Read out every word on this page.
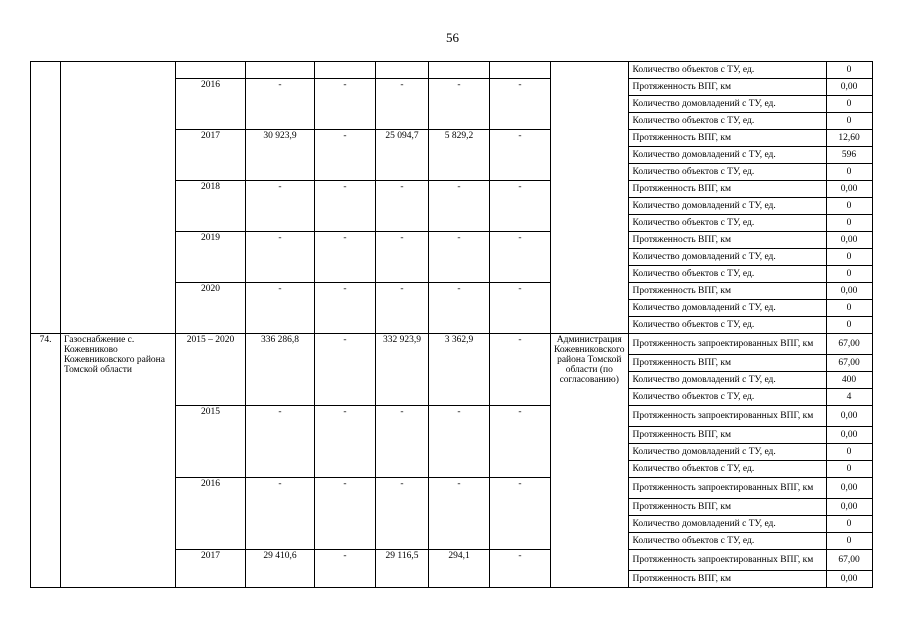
56
									Количество объектов с ТУ, ед.	0
		2016	-	-	-	-	-		Протяженность ВПГ, км	0,00
									Количество домовладений с ТУ, ед.	0
									Количество объектов с ТУ, ед.	0
		2017	30 923,9	-	25 094,7	5 829,2	-		Протяженность ВПГ, км	12,60
									Количество домовладений с ТУ, ед.	596
									Количество объектов с ТУ, ед.	0
		2018	-	-	-	-	-		Протяженность ВПГ, км	0,00
									Количество домовладений с ТУ, ед.	0
									Количество объектов с ТУ, ед.	0
		2019	-	-	-	-	-		Протяженность ВПГ, км	0,00
									Количество домовладений с ТУ, ед.	0
									Количество объектов с ТУ, ед.	0
		2020	-	-	-	-	-		Протяженность ВПГ, км	0,00
									Количество домовладений с ТУ, ед.	0
									Количество объектов с ТУ, ед.	0
74.	Газоснабжение с. Кожевниково Кожевниковского района Томской области	2015 – 2020	336 286,8	-	332 923,9	3 362,9	-	Администрация Кожевниковского района Томской области (по согласованию)	Протяженность запроектированных ВПГ, км	67,00
									Протяженность ВПГ, км	67,00
									Количество домовладений с ТУ, ед.	400
									Количество объектов с ТУ, ед.	4
		2015	-	-	-	-	-		Протяженность запроектированных ВПГ, км	0,00
									Протяженность ВПГ, км	0,00
									Количество домовладений с ТУ, ед.	0
									Количество объектов с ТУ, ед.	0
		2016	-	-	-	-	-		Протяженность запроектированных ВПГ, км	0,00
									Протяженность ВПГ, км	0,00
									Количество домовладений с ТУ, ед.	0
									Количество объектов с ТУ, ед.	0
		2017	29 410,6	-	29 116,5	294,1	-		Протяженность запроектированных ВПГ, км	67,00
									Протяженность ВПГ, км	0,00
